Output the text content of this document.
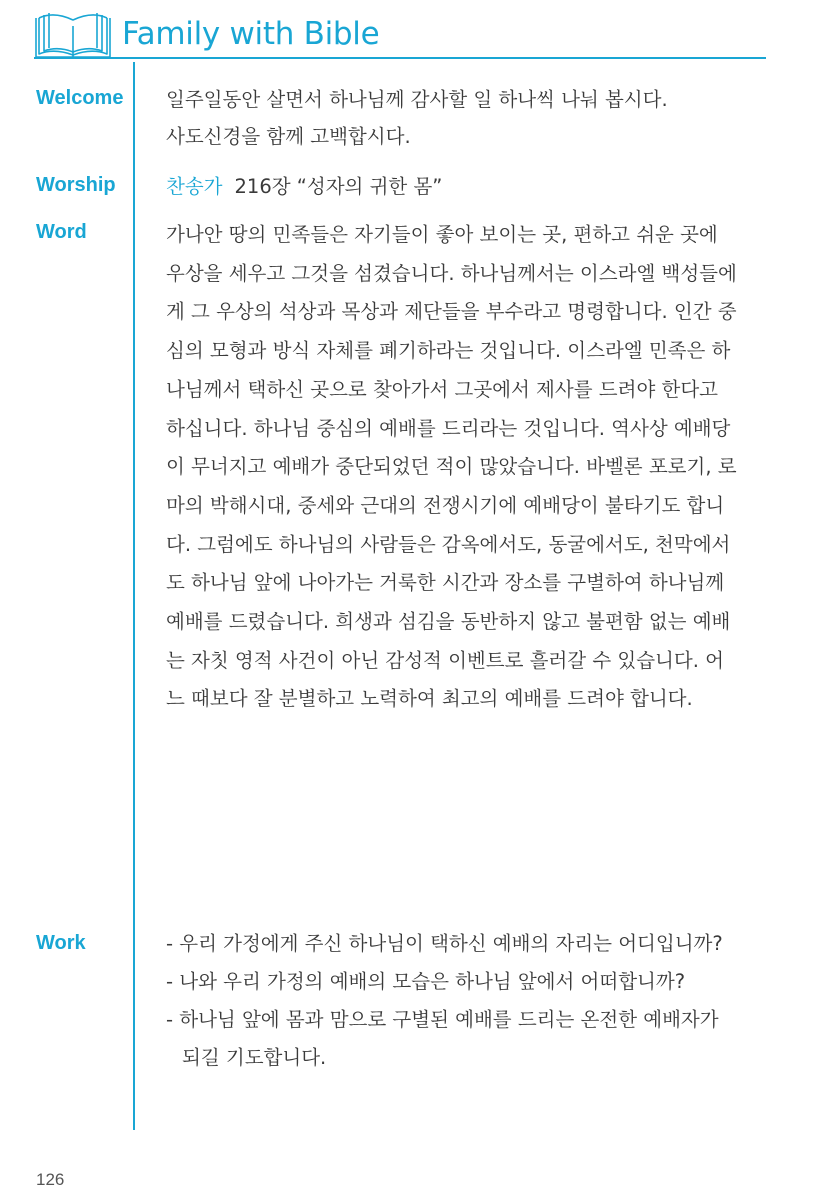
Family with Bible
Welcome 일주일동안 살면서 하나님께 감사할 일 하나씩 나눠 봅시다.
사도신경을 함께 고백합시다.
Worship	찬송가 216장 “성자의 귀한 몸”
Word	가나안 땅의 민족들은 자기들이 좋아 보이는 곳, 편하고 쉬운 곳에
우상을 세우고 그것을 섬겼습니다. 하나님께서는 이스라엘 백성들에
게 그 우상의 석상과 목상과 제단들을 부수라고 명령합니다. 인간 중
심의 모형과 방식 자체를 폐기하라는 것입니다. 이스라엘 민족은 하
나님께서 택하신 곳으로 찾아가서 그곳에서 제사를 드려야 한다고
하십니다. 하나님 중심의 예배를 드리라는 것입니다. 역사상 예배당
이 무너지고 예배가 중단되었던 적이 많았습니다. 바벨론 포로기, 로
마의 박해시대, 중세와 근대의 전쟁시기에 예배당이 불타기도 합니
다. 그럼에도 하나님의 사람들은 감옥에서도, 동굴에서도, 천막에서
도 하나님 앞에 나아가는 거룩한 시간과 장소를 구별하여 하나님께
예배를 드렸습니다. 희생과 섬김을 동반하지 않고 불편함 없는 예배
는 자칫 영적 사건이 아닌 감성적 이벤트로 흘러갈 수 있습니다. 어
느 때보다 잘 분별하고 노력하여 최고의 예배를 드려야 합니다.
Work	- 우리 가정에게 주신 하나님이 택하신 예배의 자리는 어디입니까?
- 나와 우리 가정의 예배의 모습은 하나님 앞에서 어떠합니까?
- 하나님 앞에 몸과 맘으로 구별된 예배를 드리는 온전한 예배자가
되길 기도합니다.
126
